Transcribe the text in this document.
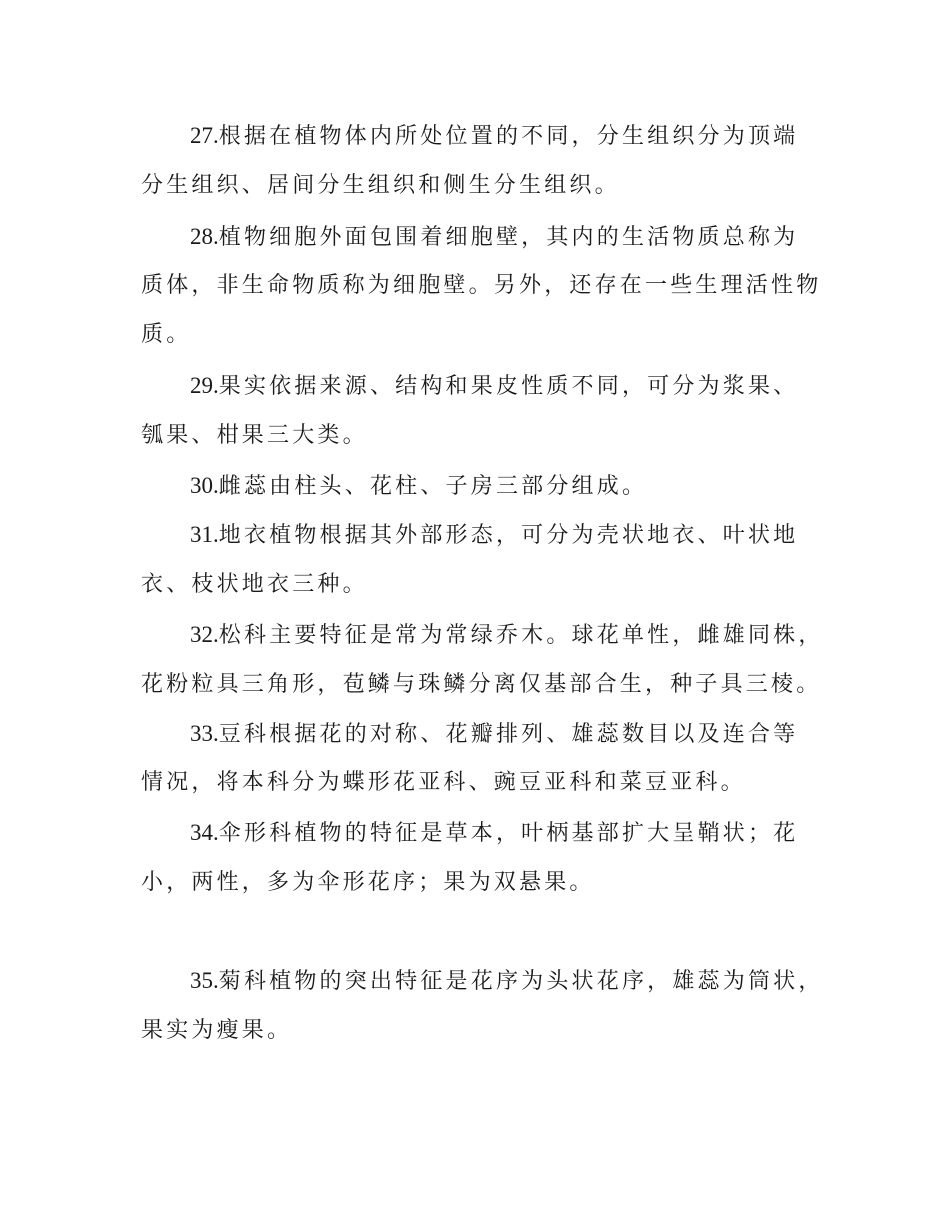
27.根据在植物体内所处位置的不同，分生组织分为顶端
分生组织、居间分生组织和侧生分生组织。
28.植物细胞外面包围着细胞壁，其内的生活物质总称为
质体，非生命物质称为细胞壁。另外，还存在一些生理活性物
质。
29.果实依据来源、结构和果皮性质不同，可分为浆果、
瓠果、柑果三大类。
30.雌蕊由柱头、花柱、子房三部分组成。
31.地衣植物根据其外部形态，可分为壳状地衣、叶状地
衣、枝状地衣三种。
32.松科主要特征是常为常绿乔木。球花单性，雌雄同株，
花粉粒具三角形，苞鳞与珠鳞分离仅基部合生，种子具三棱。
33.豆科根据花的对称、花瓣排列、雄蕊数目以及连合等
情况，将本科分为蝶形花亚科、豌豆亚科和菜豆亚科。
34.伞形科植物的特征是草本，叶柄基部扩大呈鞘状；花
小，两性，多为伞形花序；果为双悬果。
35.菊科植物的突出特征是花序为头状花序，雄蕊为筒状，
果实为瘦果。
